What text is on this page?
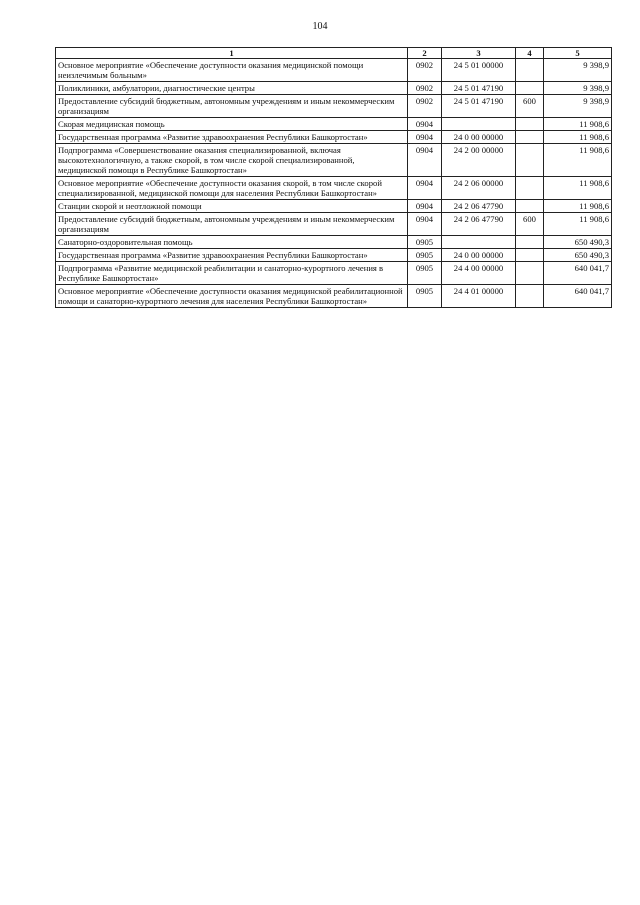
104
1	2	3	4	5
Основное мероприятие «Обеспечение доступности оказания медицинской помощи неизлечимым больным»	0902	24 5 01 00000		9 398,9
Поликлиники, амбулатории, диагностические центры	0902	24 5 01 47190		9 398,9
Предоставление субсидий бюджетным, автономным учреждениям и иным некоммерческим организациям	0902	24 5 01 47190	600	9 398,9
Скорая медицинская помощь	0904			11 908,6
Государственная программа «Развитие здравоохранения Республики Башкортостан»	0904	24 0 00 00000		11 908,6
Подпрограмма «Совершенствование оказания специализированной, включая высокотехнологичную, а также скорой, в том числе скорой специализированной, медицинской помощи в Республике Башкортостан»	0904	24 2 00 00000		11 908,6
Основное мероприятие «Обеспечение доступности оказания скорой, в том числе скорой специализированной, медицинской помощи для населения Республики Башкортостан»	0904	24 2 06 00000		11 908,6
Станции скорой и неотложной помощи	0904	24 2 06 47790		11 908,6
Предоставление субсидий бюджетным, автономным учреждениям и иным некоммерческим организациям	0904	24 2 06 47790	600	11 908,6
Санаторно-оздоровительная помощь	0905			650 490,3
Государственная программа «Развитие здравоохранения Республики Башкортостан»	0905	24 0 00 00000		650 490,3
Подпрограмма «Развитие медицинской реабилитации и санаторно-курортного лечения в Республике Башкортостан»	0905	24 4 00 00000		640 041,7
Основное мероприятие «Обеспечение доступности оказания медицинской реабилитационной помощи и санаторно-курортного лечения для населения Республики Башкортостан»	0905	24 4 01 00000		640 041,7
